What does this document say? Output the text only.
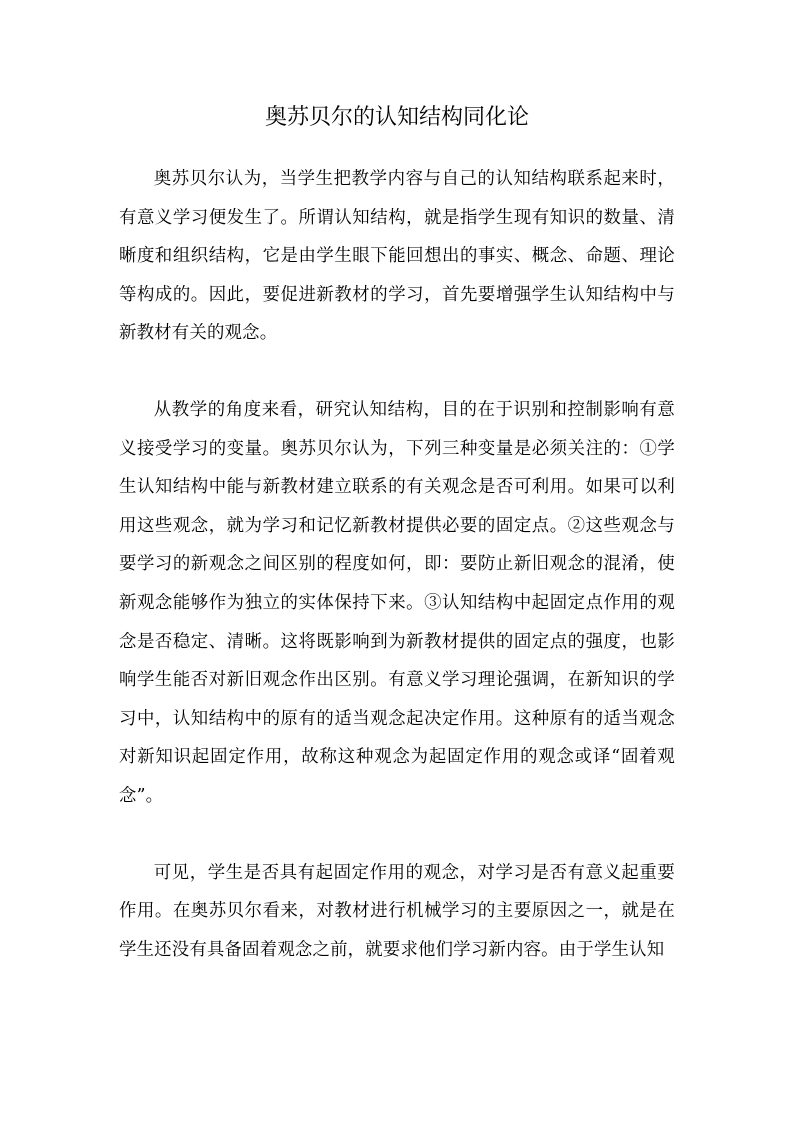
奥苏贝尔的认知结构同化论

奥苏贝尔认为，当学生把教学内容与自己的认知结构联系起来时，有意义学习便发生了。所谓认知结构，就是指学生现有知识的数量、清晰度和组织结构，它是由学生眼下能回想出的事实、概念、命题、理论等构成的。因此，要促进新教材的学习，首先要增强学生认知结构中与新教材有关的观念。

从教学的角度来看，研究认知结构，目的在于识别和控制影响有意义接受学习的变量。奥苏贝尔认为，下列三种变量是必须关注的：①学生认知结构中能与新教材建立联系的有关观念是否可利用。如果可以利用这些观念，就为学习和记忆新教材提供必要的固定点。②这些观念与要学习的新观念之间区别的程度如何，即：要防止新旧观念的混淆，使新观念能够作为独立的实体保持下来。③认知结构中起固定点作用的观念是否稳定、清晰。这将既影响到为新教材提供的固定点的强度，也影响学生能否对新旧观念作出区别。有意义学习理论强调，在新知识的学习中，认知结构中的原有的适当观念起决定作用。这种原有的适当观念对新知识起固定作用，故称这种观念为起固定作用的观念或译“固着观念”。

可见，学生是否具有起固定作用的观念，对学习是否有意义起重要作用。在奥苏贝尔看来，对教材进行机械学习的主要原因之一，就是在学生还没有具备固着观念之前，就要求他们学习新内容。由于学生认知
